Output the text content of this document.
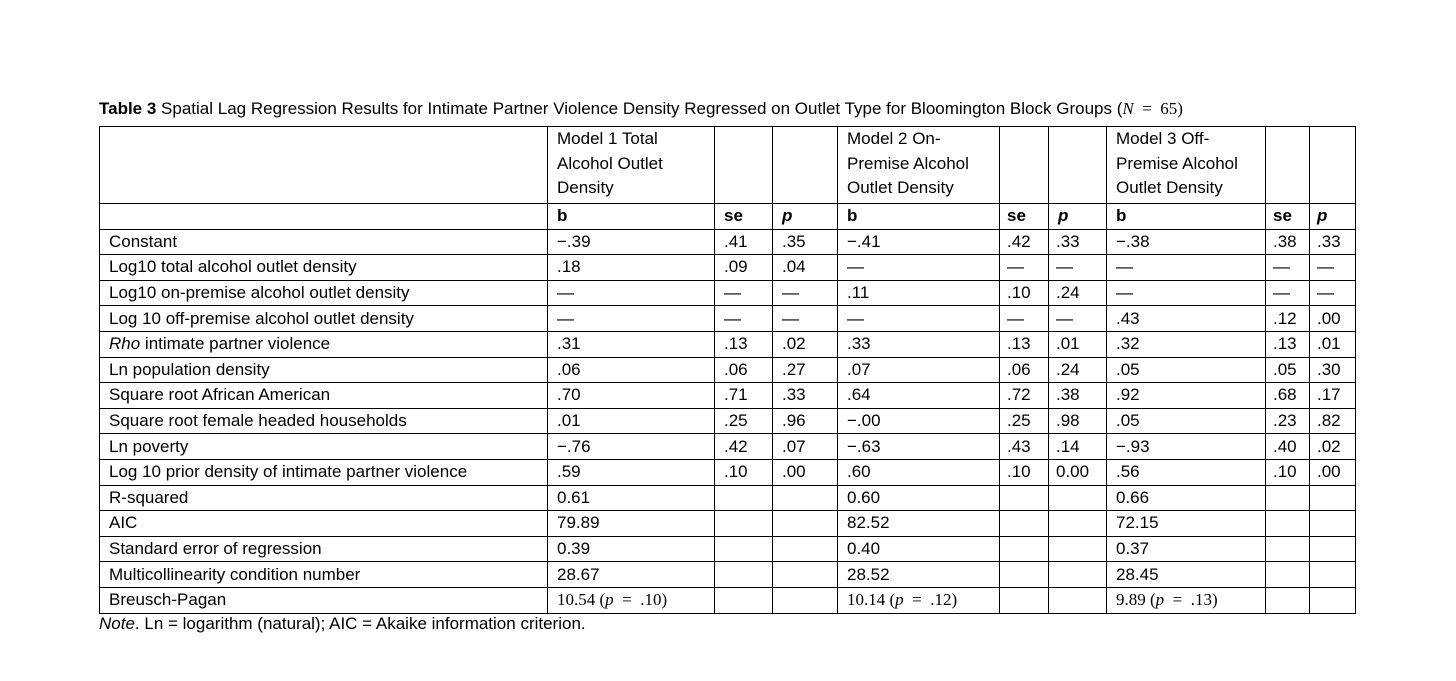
Table 3 Spatial Lag Regression Results for Intimate Partner Violence Density Regressed on Outlet Type for Bloomington Block Groups (N  =  65)
	Model 1 Total Alcohol Outlet Density			Model 2 On-Premise Alcohol Outlet Density			Model 3 Off-Premise Alcohol Outlet Density		
	b	se	p	b	se	p	b	se	p
Constant	−.39	.41	.35	−.41	.42	.33	−.38	.38	.33
Log10 total alcohol outlet density	.18	.09	.04	—	—	—	—	—	—
Log10 on-premise alcohol outlet density	—	—	—	.11	.10	.24	—	—	—
Log 10 off-premise alcohol outlet density	—	—	—	—	—	—	.43	.12	.00
Rho intimate partner violence	.31	.13	.02	.33	.13	.01	.32	.13	.01
Ln population density	.06	.06	.27	.07	.06	.24	.05	.05	.30
Square root African American	.70	.71	.33	.64	.72	.38	.92	.68	.17
Square root female headed households	.01	.25	.96	−.00	.25	.98	.05	.23	.82
Ln poverty	−.76	.42	.07	−.63	.43	.14	−.93	.40	.02
Log 10 prior density of intimate partner violence	.59	.10	.00	.60	.10	0.00	.56	.10	.00
R-squared	0.61			0.60			0.66		
AIC	79.89			82.52			72.15		
Standard error of regression	0.39			0.40			0.37		
Multicollinearity condition number	28.67			28.52			28.45		
Breusch-Pagan	10.54 (p  =  .10)			10.14 (p  =  .12)			9.89 (p  =  .13)		
Note. Ln = logarithm (natural); AIC = Akaike information criterion.
